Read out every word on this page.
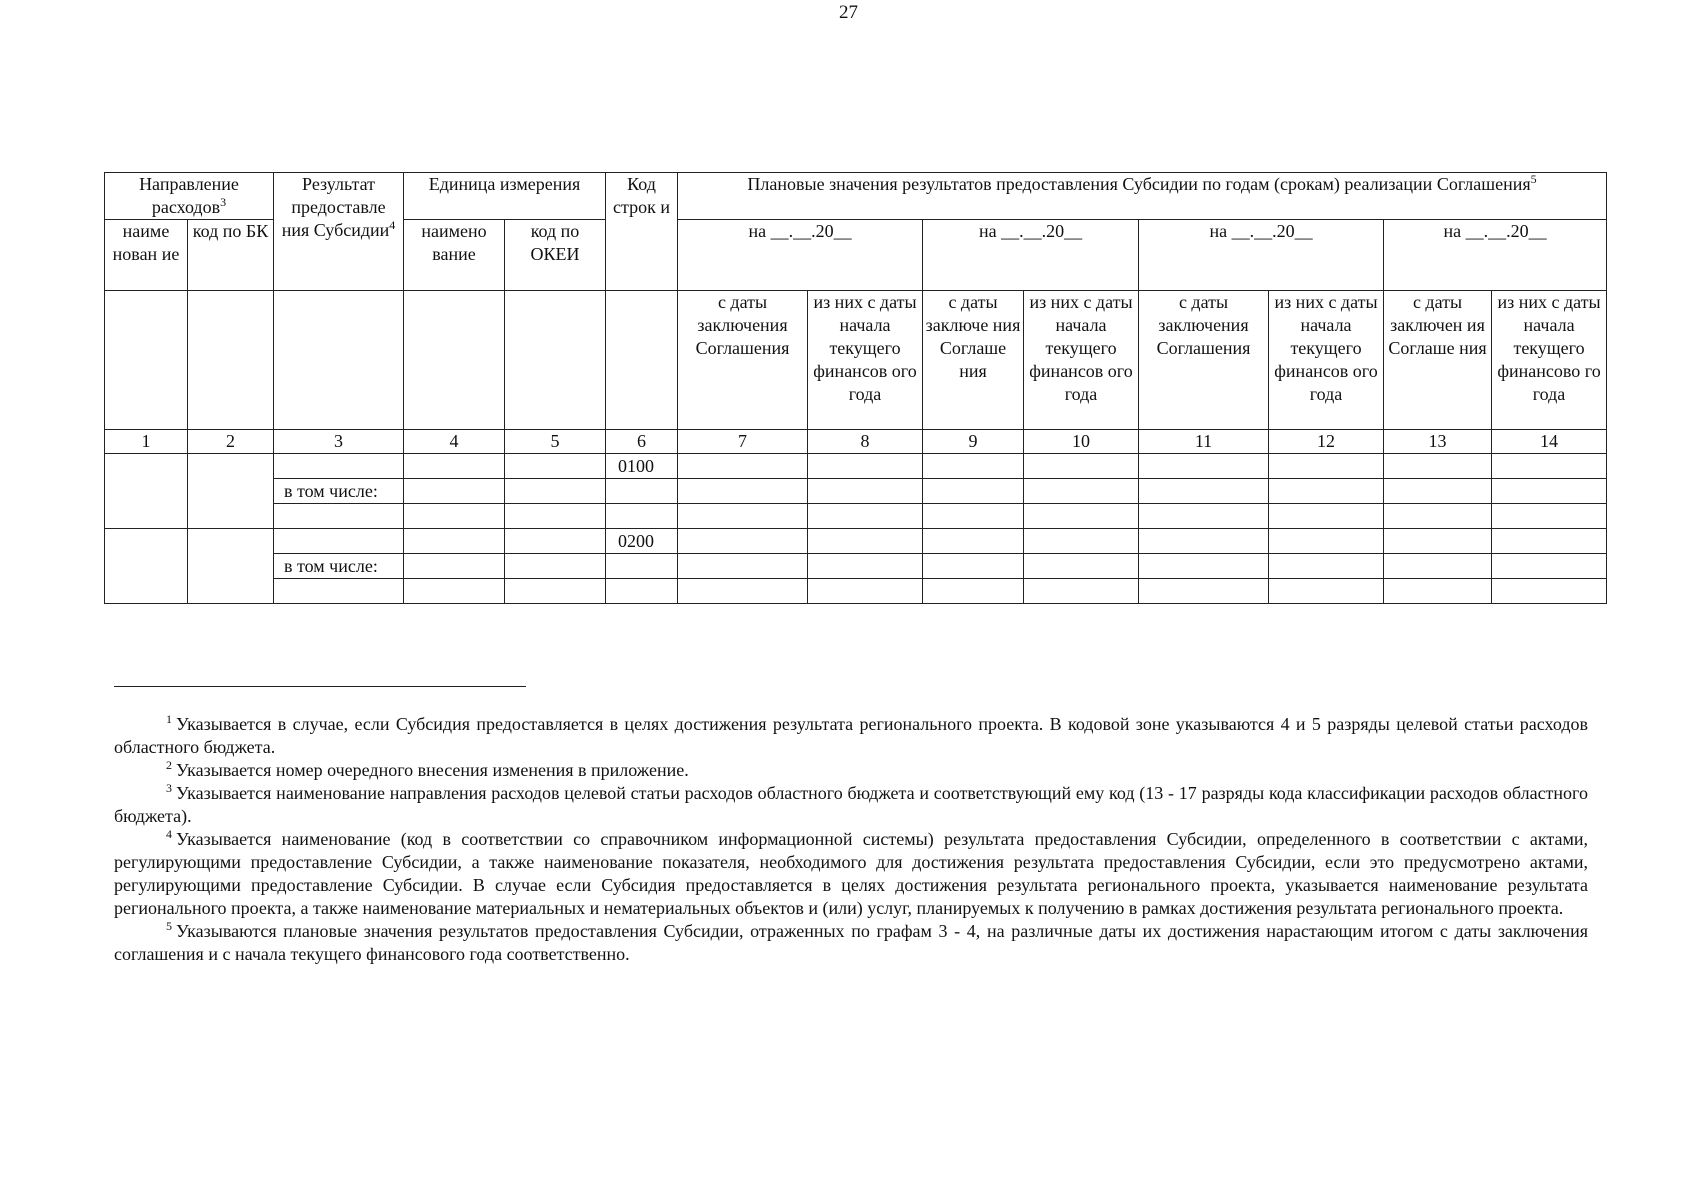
27
Направление расходов$^3$		Результат предоставле ния Субсидии$^4$	Единица измерения		Код строк и	Плановые значения результатов предоставления Субсидии по годам (срокам) реализации Соглашения$^5$
наиме нован ие	код по БК		наимено вание	код по ОКЕИ		на __.__.20__		на __.__.20__		на __.__.20__		на __.__.20__	
						с даты заключения Соглашения	из них с даты начала текущего финансов ого года	с даты заключе ния Соглаше ния	из них с даты начала текущего финансов ого года	с даты заключения Соглашения	из них с даты начала текущего финансов ого года	с даты заключен ия Соглаше ния	из них с даты начала текущего финансово го года
1	2	3	4	5	6	7	8	9	10	11	12	13	14
					0100								
		в том числе:											

					0200								
		в том числе:											

$^1$ Указывается в случае, если Субсидия предоставляется в целях достижения результата регионального проекта. В кодовой зоне указываются 4 и 5 разряды целевой статьи расходов областного бюджета.

$^2$ Указывается номер очередного внесения изменения в приложение.

$^3$ Указывается наименование направления расходов целевой статьи расходов областного бюджета и соответствующий ему код (13 - 17 разряды кода классификации расходов областного бюджета).

$^4$ Указывается наименование (код в соответствии со справочником информационной системы) результата предоставления Субсидии, определенного в соответствии с актами, регулирующими предоставление Субсидии, а также наименование показателя, необходимого для достижения результата предоставления Субсидии, если это предусмотрено актами, регулирующими предоставление Субсидии. В случае если Субсидия предоставляется в целях достижения результата регионального проекта, указывается наименование результата регионального проекта, а также наименование материальных и нематериальных объектов и (или) услуг, планируемых к получению в рамках достижения результата регионального проекта.

$^5$ Указываются плановые значения результатов предоставления Субсидии, отраженных по графам 3 - 4, на различные даты их достижения нарастающим итогом с даты заключения соглашения и с начала текущего финансового года соответственно.
